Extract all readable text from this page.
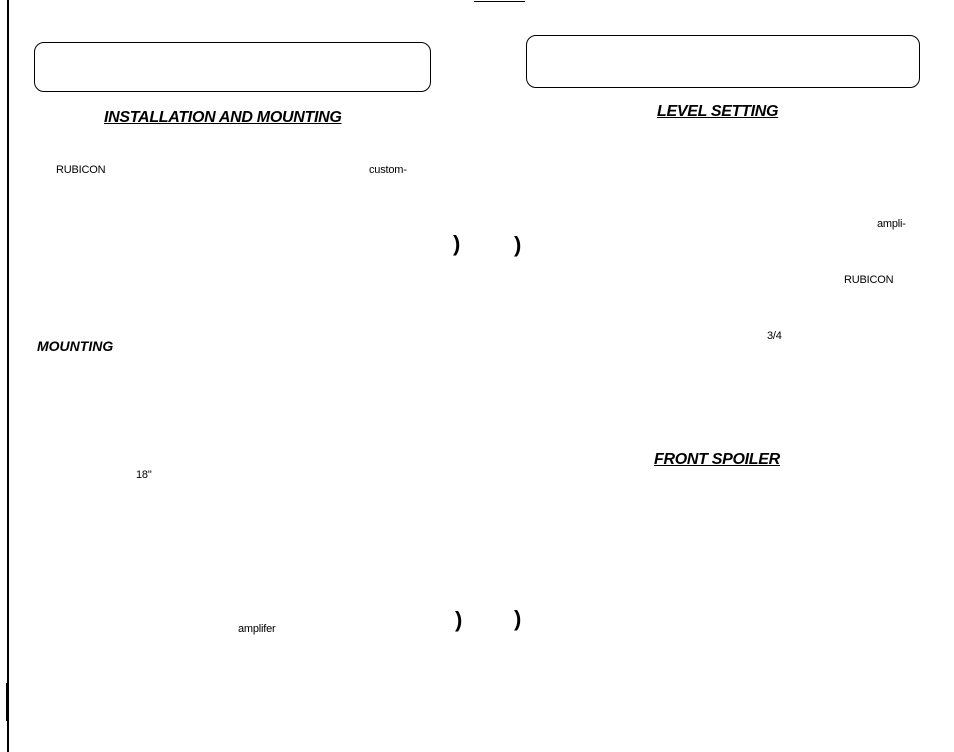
INSTALLATION AND MOUNTING
RUBICON	custom-
MOUNTING
18"
amplifer
) )
) )
LEVEL SETTING
ampli-
RUBICON
3/4
FRONT SPOILER
